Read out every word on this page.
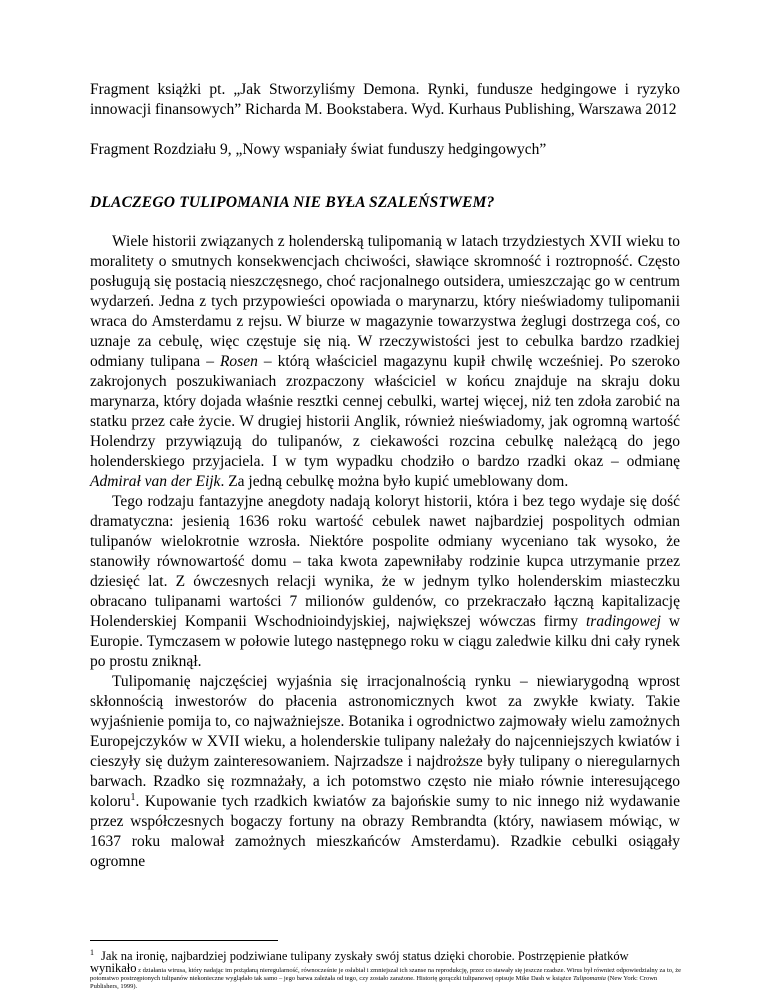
Fragment książki pt. „Jak Stworzyliśmy Demona. Rynki, fundusze hedgingowe i ryzyko innowacji finansowych” Richarda M. Bookstabera. Wyd. Kurhaus Publishing, Warszawa 2012

Fragment Rozdziału 9, „Nowy wspaniały świat funduszy hedgingowych”

DLACZEGO TULIPOMANIA NIE BYŁA SZALEŃSTWEM?

Wiele historii związanych z holenderską tulipomanią w latach trzydziestych XVII wieku to moralitety o smutnych konsekwencjach chciwości, sławiące skromność i roztropność. Często posługują się postacią nieszczęsnego, choć racjonalnego outsidera, umieszczając go w centrum wydarzeń. Jedna z tych przypowieści opowiada o marynarzu, który nieświadomy tulipomanii wraca do Amsterdamu z rejsu. W biurze w magazynie towarzystwa żeglugi dostrzega coś, co uznaje za cebulę, więc częstuje się nią. W rzeczywistości jest to cebulka bardzo rzadkiej odmiany tulipana – Rosen – którą właściciel magazynu kupił chwilę wcześniej. Po szeroko zakrojonych poszukiwaniach zrozpaczony właściciel w końcu znajduje na skraju doku marynarza, który dojada właśnie resztki cennej cebulki, wartej więcej, niż ten zdoła zarobić na statku przez całe życie. W drugiej historii Anglik, również nieświadomy, jak ogromną wartość Holendrzy przywiązują do tulipanów, z ciekawości rozcina cebulkę należącą do jego holenderskiego przyjaciela. I w tym wypadku chodziło o bardzo rzadki okaz – odmianę Admirał van der Eijk. Za jedną cebulkę można było kupić umeblowany dom.

Tego rodzaju fantazyjne anegdoty nadają koloryt historii, która i bez tego wydaje się dość dramatyczna: jesienią 1636 roku wartość cebulek nawet najbardziej pospolitych odmian tulipanów wielokrotnie wzrosła. Niektóre pospolite odmiany wyceniano tak wysoko, że stanowiły równowartość domu – taka kwota zapewniłaby rodzinie kupca utrzymanie przez dziesięć lat. Z ówczesnych relacji wynika, że w jednym tylko holenderskim miasteczku obracano tulipanami wartości 7 milionów guldenów, co przekraczało łączną kapitalizację Holenderskiej Kompanii Wschodnioindyjskiej, największej wówczas firmy tradingowej w Europie. Tymczasem w połowie lutego następnego roku w ciągu zaledwie kilku dni cały rynek po prostu zniknął.

Tulipomanię najczęściej wyjaśnia się irracjonalnością rynku – niewiarygodną wprost skłonnością inwestorów do płacenia astronomicznych kwot za zwykłe kwiaty. Takie wyjaśnienie pomija to, co najważniejsze. Botanika i ogrodnictwo zajmowały wielu zamożnych Europejczyków w XVII wieku, a holenderskie tulipany należały do najcenniejszych kwiatów i cieszyły się dużym zainteresowaniem. Najrzadsze i najdroższe były tulipany o nieregularnych barwach. Rzadko się rozmnażały, a ich potomstwo często nie miało równie interesującego koloru$^1$. Kupowanie tych rzadkich kwiatów za bajońskie sumy to nic innego niż wydawanie przez współczesnych bogaczy fortuny na obrazy Rembrandta (który, nawiasem mówiąc, w 1637 roku malował zamożnych mieszkańców Amsterdamu). Rzadkie cebulki osiągały ogromne

$^1$ Jak na ironię, najbardziej podziwiane tulipany zyskały swój status dzięki chorobie. Postrzępienie płatków

wynikało z działania wirusa, który nadając im pożądaną nieregularność, równocześnie je osłabiał i zmniejszał ich szanse na reprodukcję, przez co stawały się jeszcze rzadsze. Wirus był również odpowiedzialny za to, że potomstwo postrzępionych tulipanów niekonieczne wyglądało tak samo – jego barwa zależała od tego, czy zostało zarażone. Historię gorączki tulipanowej opisuje Mike Dash w książce Tulipomania (New York: Crown Publishers, 1999).
